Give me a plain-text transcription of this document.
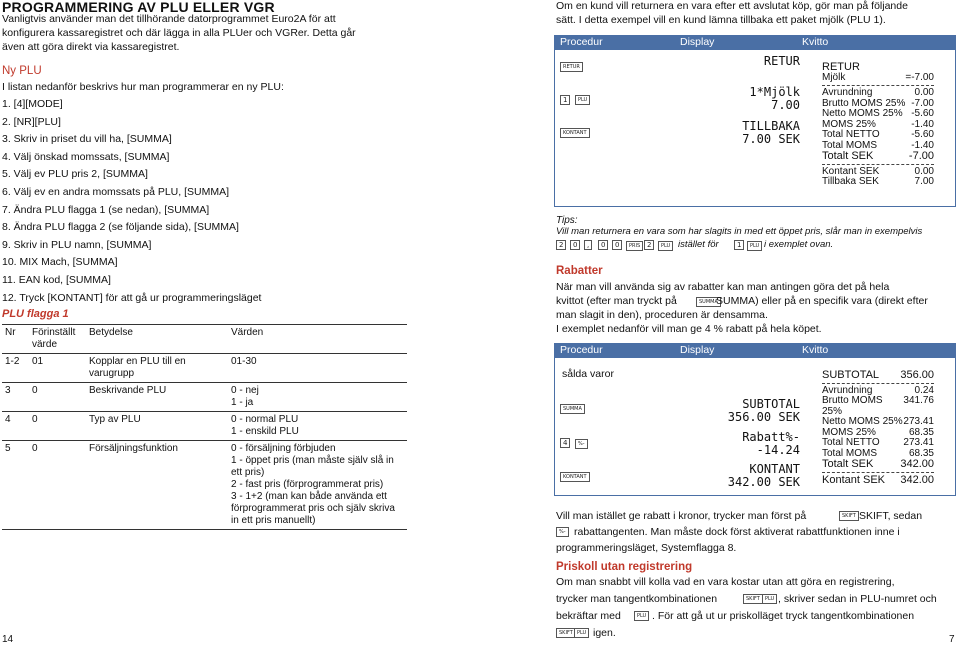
PROGRAMMERING AV PLU ELLER VGR
Vanligtvis använder man det tillhörande datorprogrammet Euro2A för att
konfigurera kassaregistret och där lägga in alla PLUer och VGRer. Detta går
även att göra direkt via kassaregistret.
Ny PLU
I listan nedanför beskrivs hur man programmerar en ny PLU:
1. [4][MODE]
2. [NR][PLU]
3. Skriv in priset du vill ha, [SUMMA]
4. Välj önskad momssats, [SUMMA]
5. Välj ev PLU pris 2, [SUMMA]
6. Välj ev en andra momssats på PLU, [SUMMA]
7. Ändra PLU flagga 1 (se nedan), [SUMMA]
8. Ändra PLU flagga 2 (se följande sida), [SUMMA]
9. Skriv in PLU namn, [SUMMA]
10. MIX Mach, [SUMMA]
11. EAN kod, [SUMMA]
12. Tryck [KONTANT] för att gå ur programmeringsläget
PLU flagga 1
Nr	Förinställt värde	Betydelse	Värden
1-2	01	Kopplar en PLU till en varugrupp	01-30
3	0	Beskrivande PLU	0 - nej
1 - ja
4	0	Typ av PLU	0 - normal PLU
1 - enskild PLU
5	0	Försäljningsfunktion	0 - försäljning förbjuden
1 - öppet pris (man måste själv slå in ett pris)
2 - fast pris (förprogrammerat pris)
3 - 1+2 (man kan både använda ett förprogrammerat pris och själv skriva in ett pris manuellt)
14
Om en kund vill returnera en vara efter ett avslutat köp, gör man på följande
sätt. I detta exempel vill en kund lämna tillbaka ett paket mjölk (PLU 1).
Procedur	Display	Kvitto
RETUR
1	PLU
KONTANT
RETUR
1*Mjölk
7.00
TILLBAKA
7.00 SEK
RETUR
Mjölk	=-7.00
Avrundning	0.00
Brutto MOMS 25% -7.00
Netto MOMS 25% -5.60
MOMS 25%	-1.40
Total NETTO	-5.60
Total MOMS	-1.40
Totalt SEK	-7.00
Kontant SEK	0.00
Tillbaka SEK	7.00
Tips:
Vill man returnera en vara som har slagits in med ett öppet pris, slår man in exempelvis
2	0	,	0	0	PRIS 2	PLU istället för	1	PLU i exemplet ovan.
Rabatter
När man vill använda sig av rabatter kan man antingen göra det på hela
kvittot (efter man tryckt på	SUMMA
SUMMA) eller på en specifik vara (direkt efter
man slagit in den), proceduren är densamma.
I exemplet nedanför vill man ge 4 % rabatt på hela köpet.
Procedur	Display	Kvitto
sålda varor
SUMMA
4	%-
KONTANT
SUBTOTAL
356.00 SEK
Rabatt%-
-14.24
KONTANT
342.00 SEK
SUBTOTAL 356.00
Avrundning	0.24
Brutto MOMS 25%
341.76
Netto MOMS 25% 273.41
MOMS 25%	68.35
Total NETTO 273.41
Total MOMS	68.35
Totalt SEK 342.00
Kontant SEK 342.00
Vill man istället ge rabatt i kronor, trycker man först på	SKIFT SKIFT, sedan
%- rabattangenten. Man måste dock först aktiverat rabattfunktionen inne i
programmeringsläget, Systemflagga 8.
Priskoll utan registrering
Om man snabbt vill kolla vad en vara kostar utan att göra en registrering,
trycker man tangentkombinationen	SKIFT	PLU , skriver sedan in PLU-numret och
bekräftar med	PLU . För att gå ut ur priskolläget tryck tangentkombinationen
SKIFT PLU igen.
7
